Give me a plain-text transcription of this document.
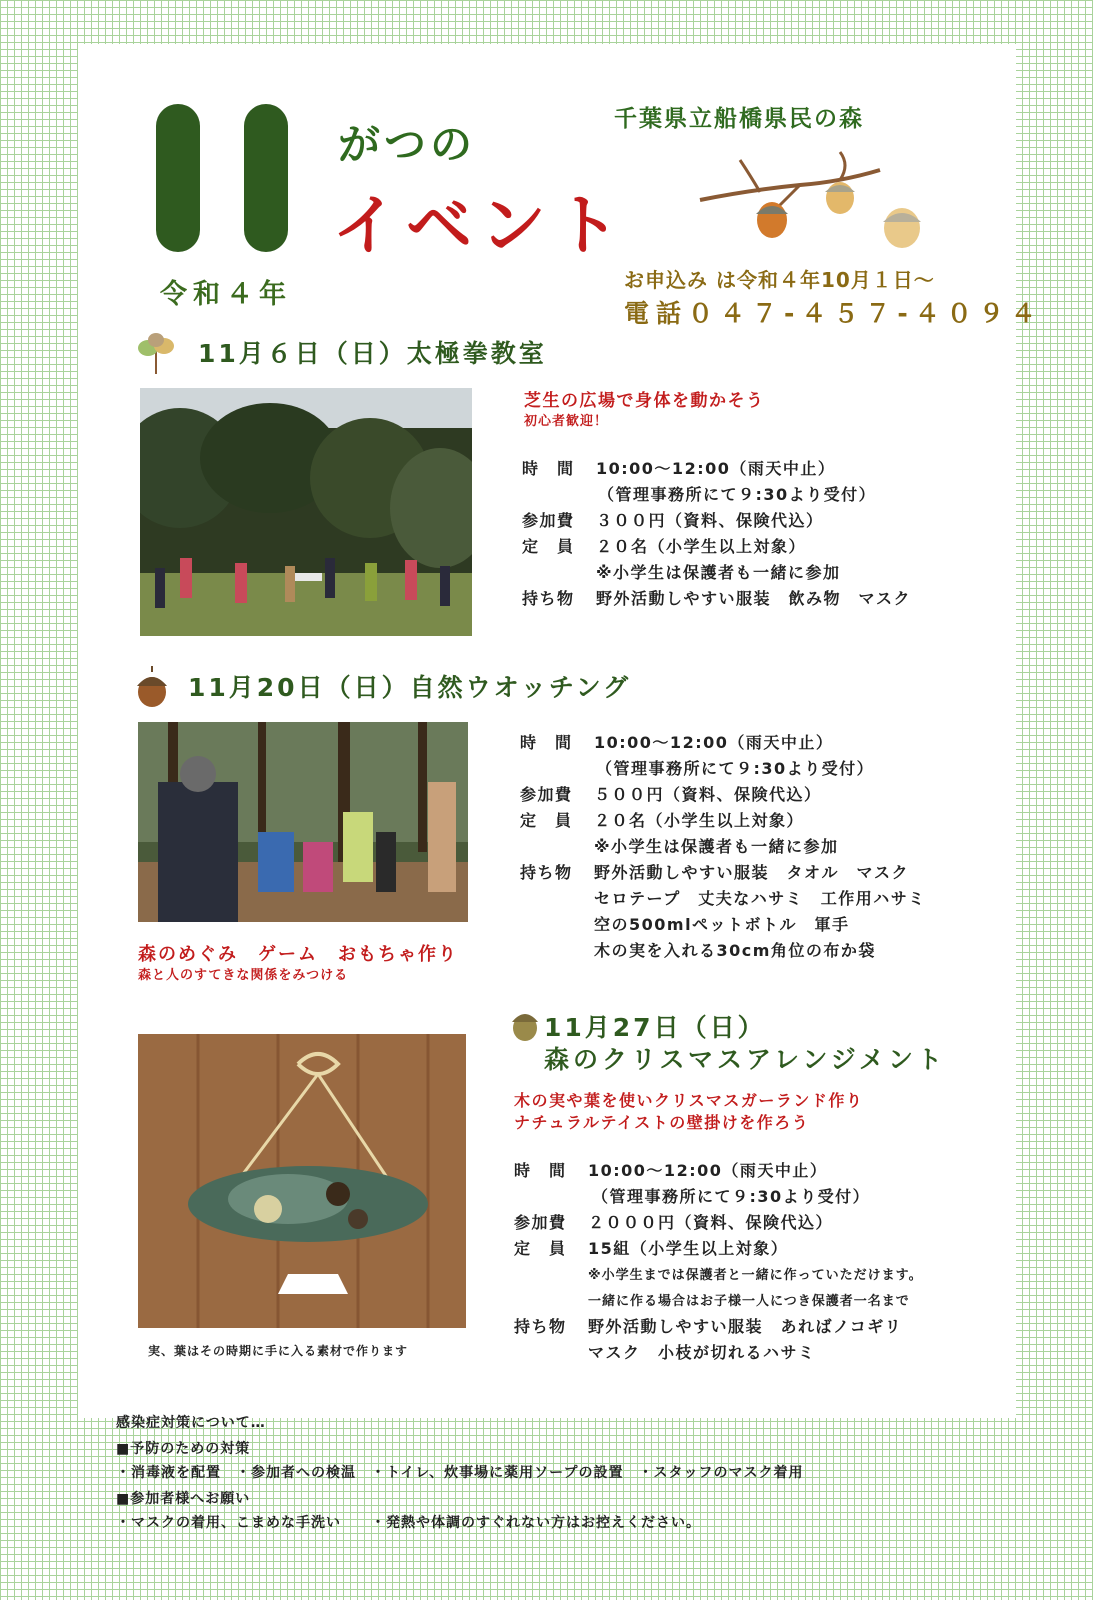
令和４年
がつの
イベント
千葉県立船橋県民の森
お申込み は令和４年10月１日～
電話０４７-４５７-４０９４
11月６日（日）太極拳教室
芝生の広場で身体を動かそう
初心者歓迎！
時　間 10:00～12:00（雨天中止）
（管理事務所にて９:30より受付）
参加費 ３００円（資料、保険代込）
定　員 ２０名（小学生以上対象）
※小学生は保護者も一緒に参加
持ち物 野外活動しやすい服装　飲み物　マスク
11月20日（日）自然ウオッチング
森のめぐみ　ゲーム　おもちゃ作り
森と人のすてきな関係をみつける
時　間 10:00～12:00（雨天中止）
（管理事務所にて９:30より受付）
参加費 ５００円（資料、保険代込）
定　員 ２０名（小学生以上対象）
※小学生は保護者も一緒に参加
持ち物 野外活動しやすい服装　タオル　マスク
セロテープ　丈夫なハサミ　工作用ハサミ
空の500mlペットボトル　軍手
木の実を入れる30cm角位の布か袋
11月27日（日）
森のクリスマスアレンジメント
実、葉はその時期に手に入る素材で作ります
木の実や葉を使いクリスマスガーランド作り
ナチュラルテイストの壁掛けを作ろう
時　間 10:00～12:00（雨天中止）
（管理事務所にて９:30より受付）
参加費 ２０００円（資料、保険代込）
定　員 15組（小学生以上対象）
※小学生までは保護者と一緒に作っていただけます。
一緒に作る場合はお子様一人につき保護者一名まで
持ち物 野外活動しやすい服装　あればノコギリ
マスク　小枝が切れるハサミ
感染症対策について…
■予防のための対策
・消毒液を配置　・参加者への検温　・トイレ、炊事場に薬用ソープの設置　・スタッフのマスク着用
■参加者様へお願い
・マスクの着用、こまめな手洗い　　・発熱や体調のすぐれない方はお控えください。
